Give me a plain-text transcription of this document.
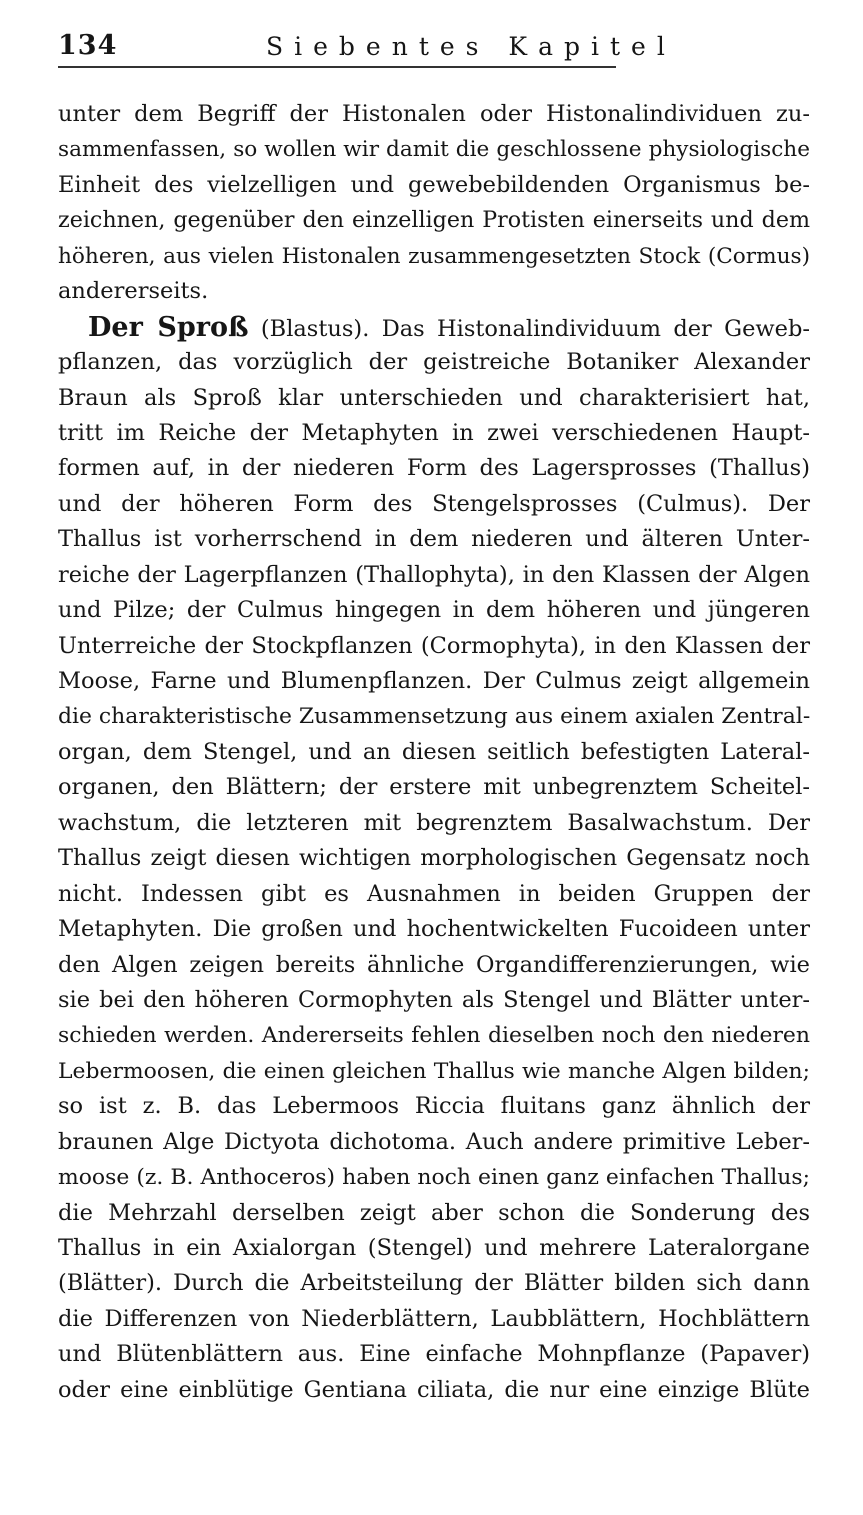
134	Siebentes Kapitel
unter dem Begriff der Histonalen oder Histonalindividuen zu-
sammenfassen, so wollen wir damit die geschlossene physiologische
Einheit des vielzelligen und gewebebildenden Organismus be-
zeichnen, gegenüber den einzelligen Protisten einerseits und dem
höheren, aus vielen Histonalen zusammengesetzten Stock (Cormus)
andererseits.
Der Sproß (Blastus). Das Histonalindividuum der Geweb-
pflanzen, das vorzüglich der geistreiche Botaniker Alexander
Braun als Sproß klar unterschieden und charakterisiert hat,
tritt im Reiche der Metaphyten in zwei verschiedenen Haupt-
formen auf, in der niederen Form des Lagersprosses (Thallus)
und der höheren Form des Stengelsprosses (Culmus). Der
Thallus ist vorherrschend in dem niederen und älteren Unter-
reiche der Lagerpflanzen (Thallophyta), in den Klassen der Algen
und Pilze; der Culmus hingegen in dem höheren und jüngeren
Unterreiche der Stockpflanzen (Cormophyta), in den Klassen der
Moose, Farne und Blumenpflanzen. Der Culmus zeigt allgemein
die charakteristische Zusammensetzung aus einem axialen Zentral-
organ, dem Stengel, und an diesen seitlich befestigten Lateral-
organen, den Blättern; der erstere mit unbegrenztem Scheitel-
wachstum, die letzteren mit begrenztem Basalwachstum. Der
Thallus zeigt diesen wichtigen morphologischen Gegensatz noch
nicht. Indessen gibt es Ausnahmen in beiden Gruppen der
Metaphyten. Die großen und hochentwickelten Fucoideen unter
den Algen zeigen bereits ähnliche Organdifferenzierungen, wie
sie bei den höheren Cormophyten als Stengel und Blätter unter-
schieden werden. Andererseits fehlen dieselben noch den niederen
Lebermoosen, die einen gleichen Thallus wie manche Algen bilden;
so ist z. B. das Lebermoos Riccia fluitans ganz ähnlich der
braunen Alge Dictyota dichotoma. Auch andere primitive Leber-
moose (z. B. Anthoceros) haben noch einen ganz einfachen Thallus;
die Mehrzahl derselben zeigt aber schon die Sonderung des
Thallus in ein Axialorgan (Stengel) und mehrere Lateralorgane
(Blätter). Durch die Arbeitsteilung der Blätter bilden sich dann
die Differenzen von Niederblättern, Laubblättern, Hochblättern
und Blütenblättern aus. Eine einfache Mohnpflanze (Papaver)
oder eine einblütige Gentiana ciliata, die nur eine einzige Blüte
